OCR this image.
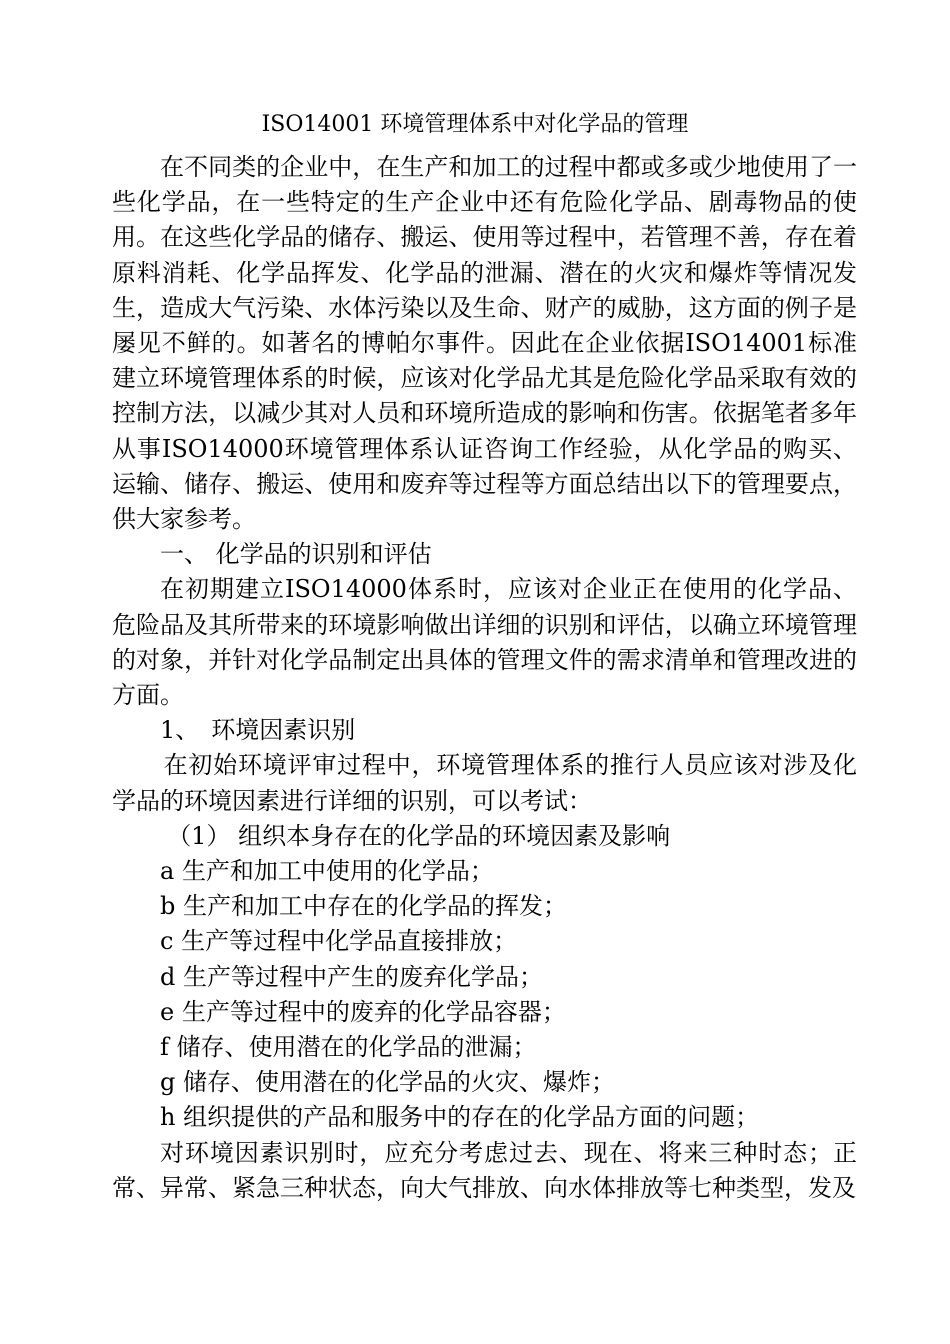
ISO14001 环境管理体系中对化学品的管理

在不同类的企业中，在生产和加工的过程中都或多或少地使用了一些化学品，在一些特定的生产企业中还有危险化学品、剧毒物品的使用。在这些化学品的储存、搬运、使用等过程中，若管理不善，存在着原料消耗、化学品挥发、化学品的泄漏、潜在的火灾和爆炸等情况发生，造成大气污染、水体污染以及生命、财产的威胁，这方面的例子是屡见不鲜的。如著名的博帕尔事件。因此在企业依据ISO14001标准建立环境管理体系的时候，应该对化学品尤其是危险化学品采取有效的控制方法，以减少其对人员和环境所造成的影响和伤害。依据笔者多年从事ISO14000环境管理体系认证咨询工作经验，从化学品的购买、运输、储存、搬运、使用和废弃等过程等方面总结出以下的管理要点，供大家参考。

一、 化学品的识别和评估

在初期建立ISO14000体系时，应该对企业正在使用的化学品、危险品及其所带来的环境影响做出详细的识别和评估，以确立环境管理的对象，并针对化学品制定出具体的管理文件的需求清单和管理改进的方面。

1、　环境因素识别

在初始环境评审过程中，环境管理体系的推行人员应该对涉及化学品的环境因素进行详细的识别，可以考试：

（1） 组织本身存在的化学品的环境因素及影响

a 生产和加工中使用的化学品；

b 生产和加工中存在的化学品的挥发；

c 生产等过程中化学品直接排放；

d 生产等过程中产生的废弃化学品；

e 生产等过程中的废弃的化学品容器；

f 储存、使用潜在的化学品的泄漏；

g 储存、使用潜在的化学品的火灾、爆炸；

h 组织提供的产品和服务中的存在的化学品方面的问题；

对环境因素识别时，应充分考虑过去、现在、将来三种时态；正常、异常、紧急三种状态，向大气排放、向水体排放等七种类型，发及
